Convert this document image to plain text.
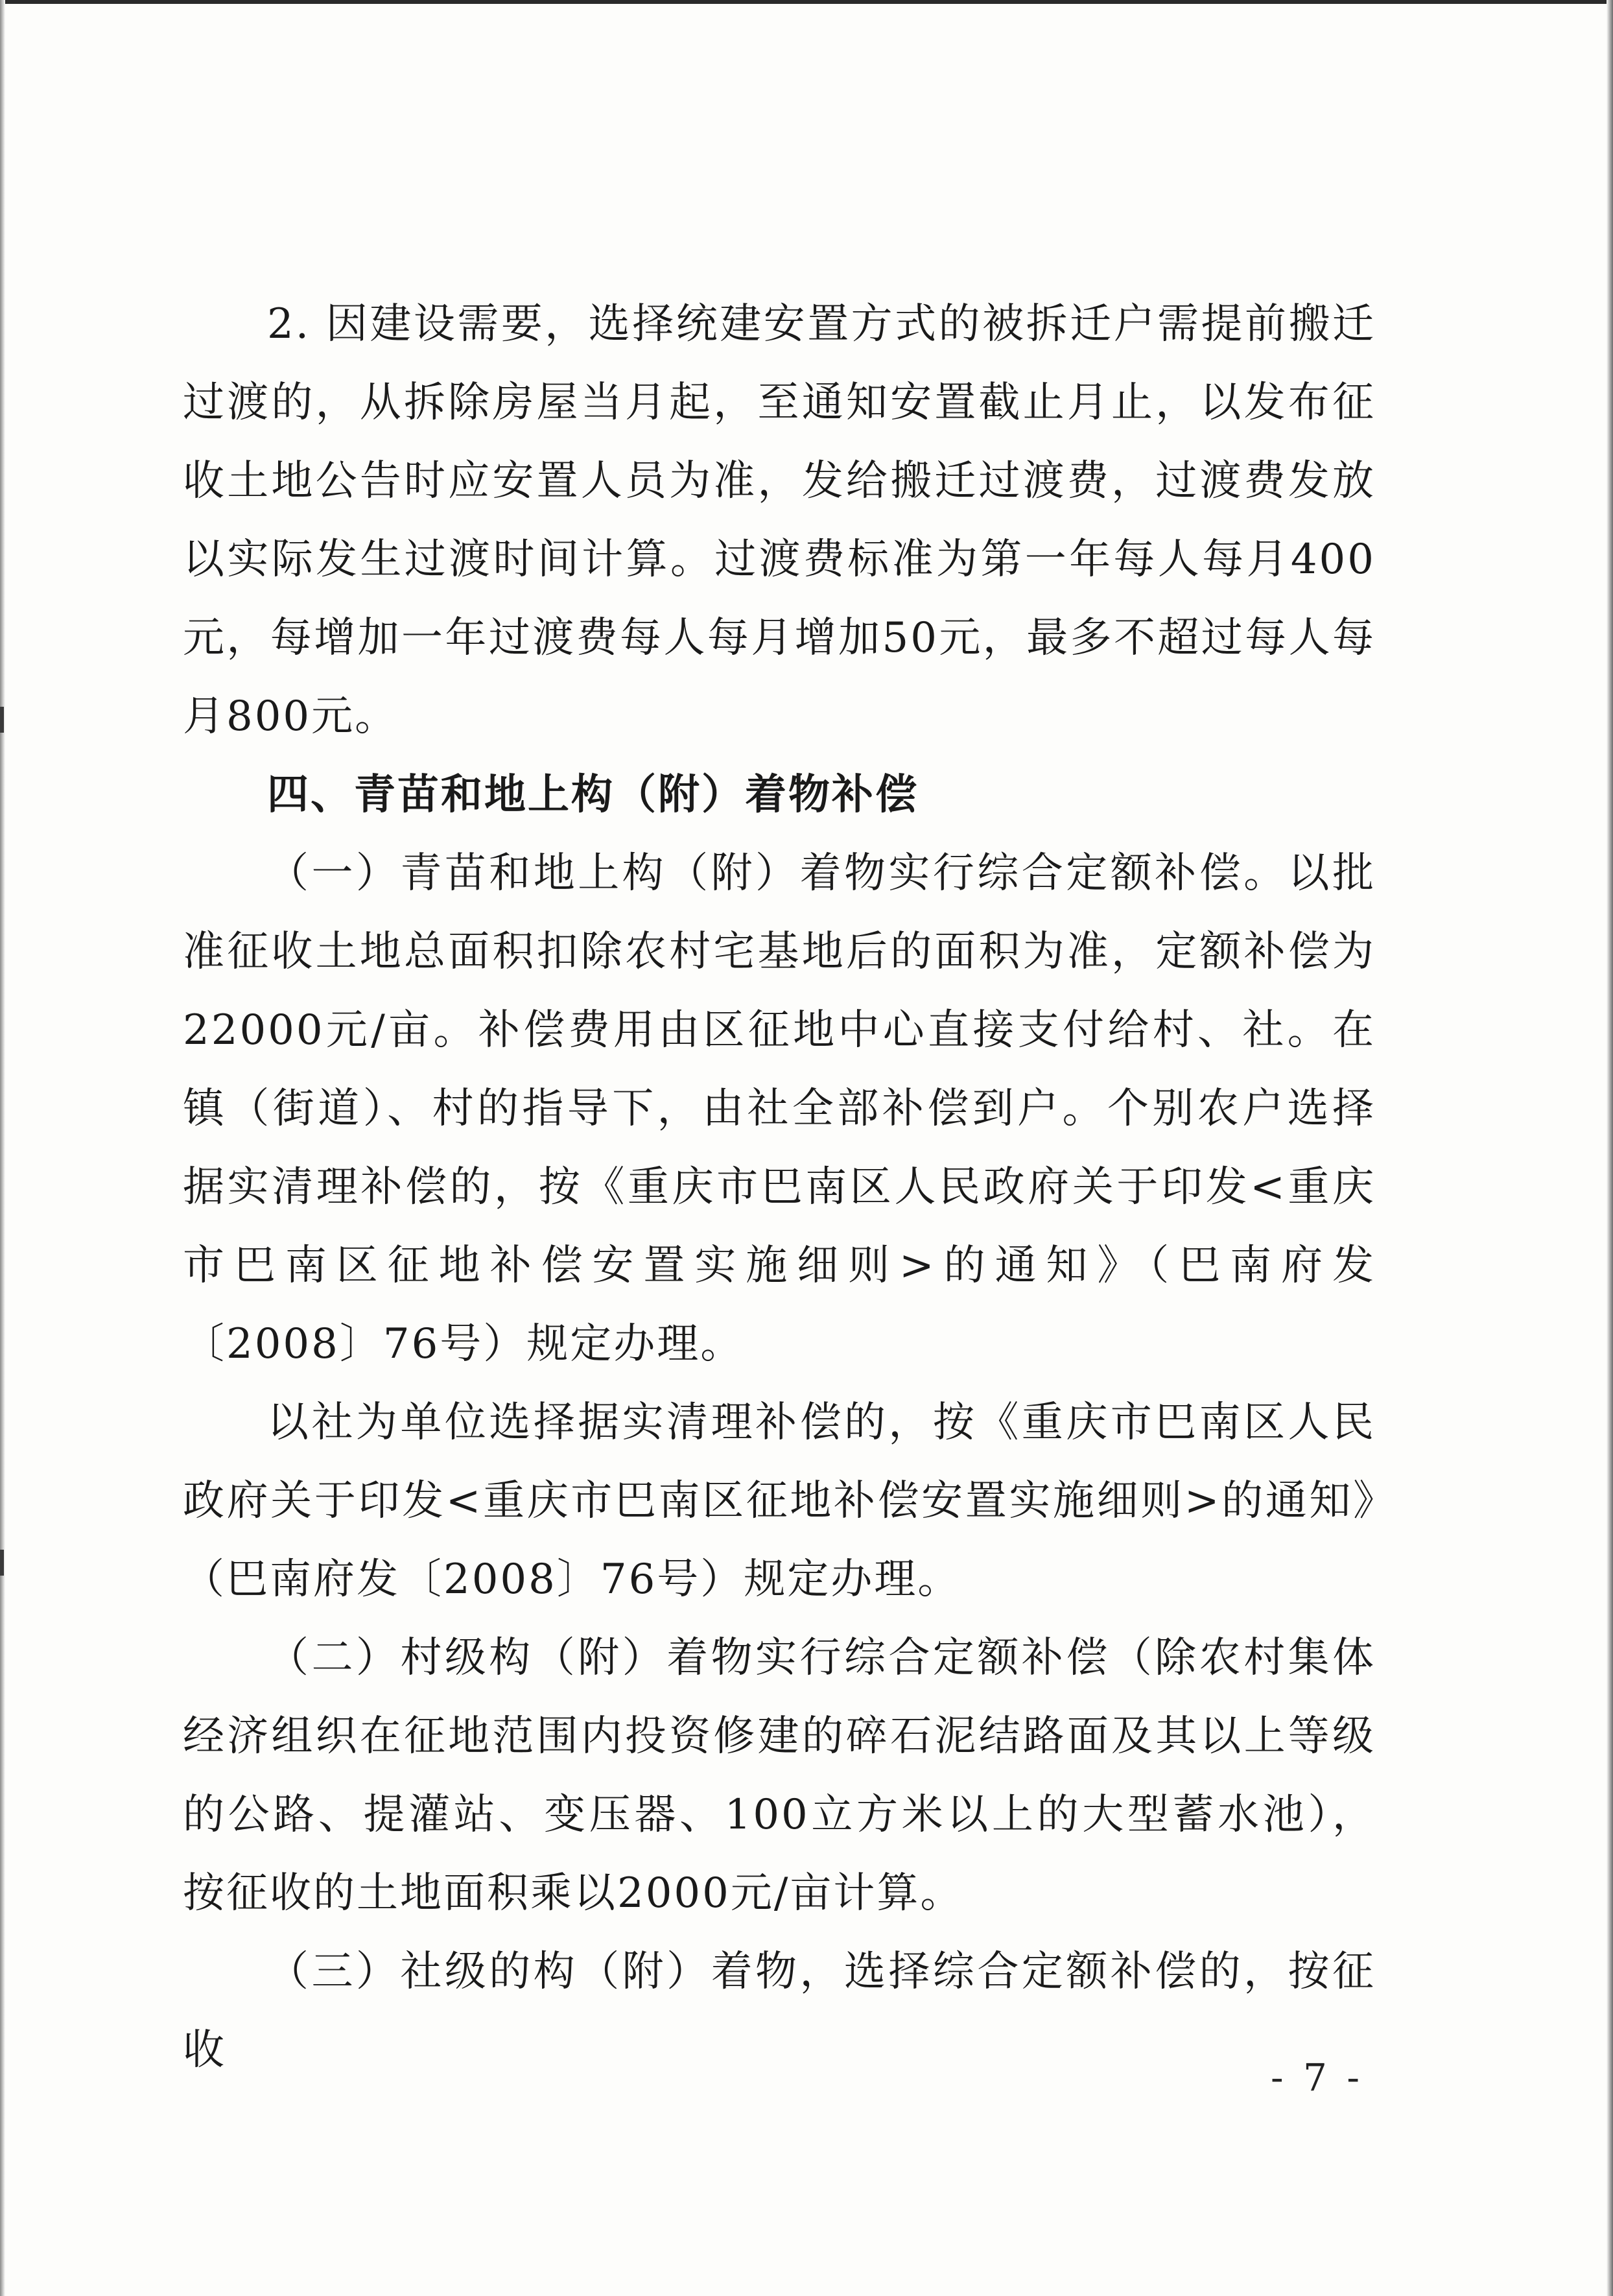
2. 因建设需要，选择统建安置方式的被拆迁户需提前搬迁过渡的，从拆除房屋当月起，至通知安置截止月止，以发布征收土地公告时应安置人员为准，发给搬迁过渡费，过渡费发放以实际发生过渡时间计算。过渡费标准为第一年每人每月400元，每增加一年过渡费每人每月增加50元，最多不超过每人每月800元。

四、青苗和地上构（附）着物补偿

（一）青苗和地上构（附）着物实行综合定额补偿。以批准征收土地总面积扣除农村宅基地后的面积为准，定额补偿为22000元/亩。补偿费用由区征地中心直接支付给村、社。在镇（街道）、村的指导下，由社全部补偿到户。个别农户选择据实清理补偿的，按《重庆市巴南区人民政府关于印发<重庆市巴南区征地补偿安置实施细则>的通知》（巴南府发〔2008〕76号）规定办理。

以社为单位选择据实清理补偿的，按《重庆市巴南区人民政府关于印发<重庆市巴南区征地补偿安置实施细则>的通知》（巴南府发〔2008〕76号）规定办理。

（二）村级构（附）着物实行综合定额补偿（除农村集体经济组织在征地范围内投资修建的碎石泥结路面及其以上等级的公路、提灌站、变压器、100立方米以上的大型蓄水池），按征收的土地面积乘以2000元/亩计算。

（三）社级的构（附）着物，选择综合定额补偿的，按征收

- 7 -
